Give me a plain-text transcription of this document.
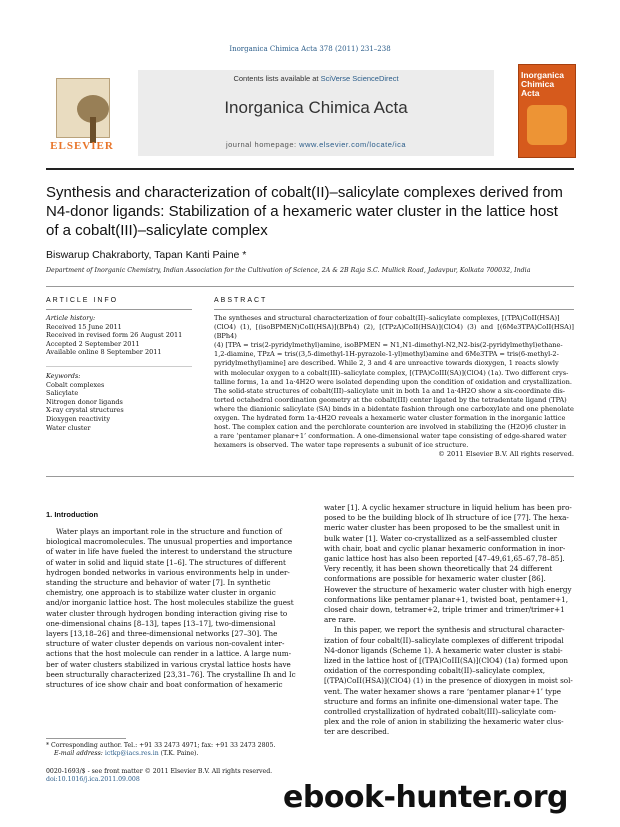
Inorganica Chimica Acta 378 (2011) 231–238
ELSEVIER
Contents lists available at SciVerse ScienceDirect
Inorganica Chimica Acta
journal homepage: www.elsevier.com/locate/ica
Inorganica Chimica Acta
Synthesis and characterization of cobalt(II)–salicylate complexes derived from N4-donor ligands: Stabilization of a hexameric water cluster in the lattice host of a cobalt(III)–salicylate complex
Biswarup Chakraborty, Tapan Kanti Paine *
Department of Inorganic Chemistry, Indian Association for the Cultivation of Science, 2A & 2B Raja S.C. Mullick Road, Jadavpur, Kolkata 700032, India
ARTICLE INFO	ABSTRACT
Article history:
Received 15 June 2011
Received in revised form 26 August 2011
Accepted 2 September 2011
Available online 8 September 2011
Keywords:
Cobalt complexes
Salicylate
Nitrogen donor ligands
X-ray crystal structures
Dioxygen reactivity
Water cluster
The syntheses and structural characterization of four cobalt(II)–salicylate complexes, [(TPA)CoII(HSA)]
(ClO4) (1), [(isoBPMEN)CoII(HSA)](BPh4) (2), [(TPzA)CoII(HSA)](ClO4) (3) and [(6Me3TPA)CoII(HSA)](BPh4)
(4) [TPA = tris(2-pyridylmethyl)amine, isoBPMEN = N1,N1-dimethyl-N2,N2-bis(2-pyridylmethyl)ethane-
1,2-diamine, TPzA = tris((3,5-dimethyl-1H-pyrazole-1-yl)methyl)amine and 6Me3TPA = tris(6-methyl-2-
pyridylmethyl)amine] are described. While 2, 3 and 4 are unreactive towards dioxygen, 1 reacts slowly
with molecular oxygen to a cobalt(III)–salicylate complex, [(TPA)CoIII(SA)](ClO4) (1a). Two different crys-
talline forms, 1a and 1a·4H2O were isolated depending upon the condition of oxidation and crystallization.
The solid-state structures of cobalt(III)–salicylate unit in both 1a and 1a·4H2O show a six-coordinate dis-
torted octahedral coordination geometry at the cobalt(III) center ligated by the tetradentate ligand (TPA)
where the dianionic salicylate (SA) binds in a bidentate fashion through one carboxylate and one phenolate
oxygen. The hydrated form 1a·4H2O reveals a hexameric water cluster formation in the inorganic lattice
host. The complex cation and the perchlorate counterion are involved in stabilizing the (H2O)6 cluster in
a rare ‘pentamer planar+1’ conformation. A one-dimensional water tape consisting of edge-shared water
hexamers is observed. The water tape represents a subunit of ice structure.
© 2011 Elsevier B.V. All rights reserved.
1. Introduction
Water plays an important role in the structure and function of
biological macromolecules. The unusual properties and importance
of water in life have fueled the interest to understand the structure
of water in solid and liquid state [1–6]. The structures of different
hydrogen bonded networks in various environments help in under-
standing the structure and behavior of water [7]. In synthetic
chemistry, one approach is to stabilize water cluster in organic
and/or inorganic lattice host. The host molecules stabilize the guest
water cluster through hydrogen bonding interaction giving rise to
one-dimensional chains [8–13], tapes [13–17], two-dimensional
layers [13,18–26] and three-dimensional networks [27–30]. The
structure of water cluster depends on various non-covalent inter-
actions that the host molecule can render in a lattice. A large num-
ber of water clusters stabilized in various crystal lattice hosts have
been structurally characterized [23,31–76]. The crystalline Ih and Ic
structures of ice show chair and boat conformation of hexameric
water [1]. A cyclic hexamer structure in liquid helium has been pro-
posed to be the building block of Ih structure of ice [77]. The hexa-
meric water cluster has been proposed to be the smallest unit in
bulk water [1]. Water co-crystallized as a self-assembled cluster
with chair, boat and cyclic planar hexameric conformation in inor-
ganic lattice host has also been reported [47–49,61,65–67,78–85].
Very recently, it has been shown theoretically that 24 different
conformations are possible for hexameric water cluster [86].
However the structure of hexameric water cluster with high energy
conformations like pentamer planar+1, twisted boat, pentamer+1,
closed chair down, tetramer+2, triple trimer and trimer/trimer+1
are rare.
In this paper, we report the synthesis and structural character-
ization of four cobalt(II)–salicylate complexes of different tripodal
N4-donor ligands (Scheme 1). A hexameric water cluster is stabi-
lized in the lattice host of [(TPA)CoIII(SA)](ClO4) (1a) formed upon
oxidation of the corresponding cobalt(II)–salicylate complex,
[(TPA)CoII(HSA)](ClO4) (1) in the presence of dioxygen in moist sol-
vent. The water hexamer shows a rare ‘pentamer planar+1’ type
structure and forms an infinite one-dimensional water tape. The
controlled crystallization of hydrated cobalt(III)–salicylate com-
plex and the role of anion in stabilizing the hexameric water clus-
ter are described.
* Corresponding author. Tel.: +91 33 2473 4971; fax: +91 33 2473 2805.
E-mail address: ictkp@iacs.res.in (T.K. Paine).
0020-1693/$ - see front matter © 2011 Elsevier B.V. All rights reserved.
doi:10.1016/j.ica.2011.09.008
ebook-hunter.org
